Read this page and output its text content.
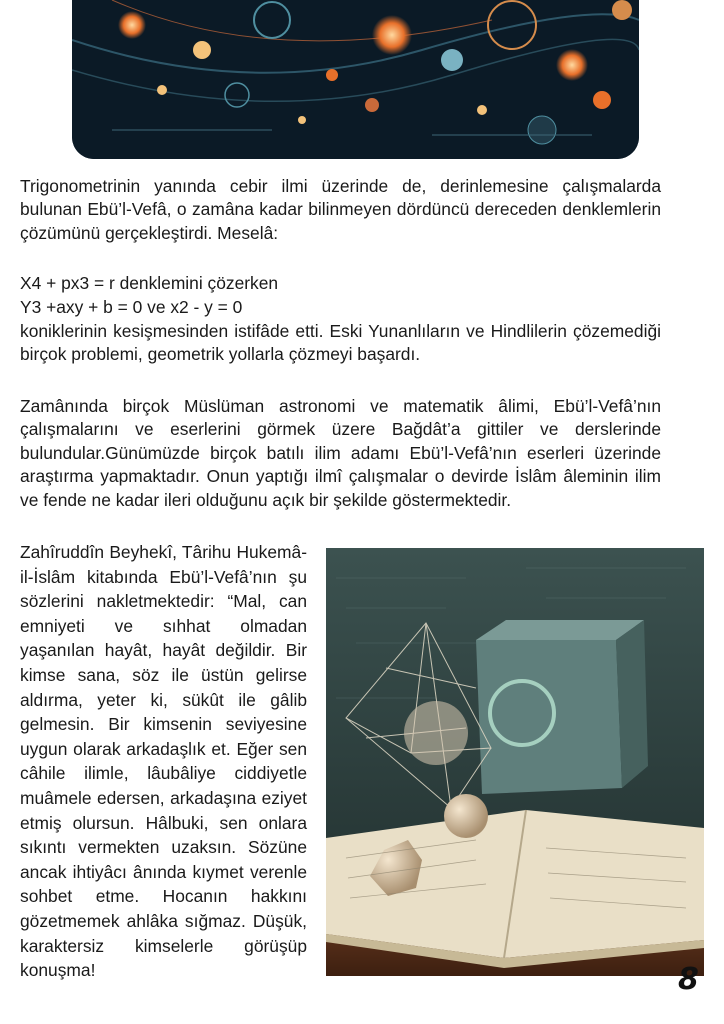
Trigonometrinin yanında cebir ilmi üzerinde de, derinlemesine çalışmalarda bulunan Ebü’l-Vefâ, o zamâna kadar bilinmeyen dördüncü dereceden denklemlerin çözümünü gerçekleştirdi. Meselâ:

X4 + px3 = r denklemini çözerken
Y3 +axy + b = 0 ve x2 - y = 0

koniklerinin kesişmesinden istifâde etti. Eski Yunanlıların ve Hindlilerin çözemediği birçok problemi, geometrik yollarla çözmeyi başardı.

Zamânında birçok Müslüman astronomi ve matematik âlimi, Ebü’l-Vefâ’nın çalışmalarını ve eserlerini görmek üzere Bağdât’a gittiler ve derslerinde bulundular.Günümüzde birçok batılı ilim adamı Ebü’l-Vefâ’nın eserleri üzerinde araştırma yapmaktadır. Onun yaptığı ilmî çalışmalar o devirde İslâm âleminin ilim ve fende ne kadar ileri olduğunu açık bir şekilde göstermektedir.

Zahîruddîn Beyhekî, Târihu Hukemâ-il-İslâm kitabında Ebü’l-Vefâ’nın şu sözlerini nakletmektedir: “Mal, can emniyeti ve sıhhat olmadan yaşanılan hayât, hayât değildir. Bir kimse sana, söz ile üstün gelirse aldırma, yeter ki, sükût ile gâlib gelmesin. Bir kimsenin seviyesine uygun olarak arkadaşlık et. Eğer sen câhile ilimle, lâubâliye ciddiyetle muâmele edersen, arkadaşına eziyet etmiş olursun. Hâlbuki, sen onlara sıkıntı vermekten uzaksın. Sözüne ancak ihtiyâcı ânında kıymet verenle sohbet etme. Hocanın hakkını gözetmemek ahlâka sığmaz. Düşük, karaktersiz kimselerle görüşüp konuşma!	8
